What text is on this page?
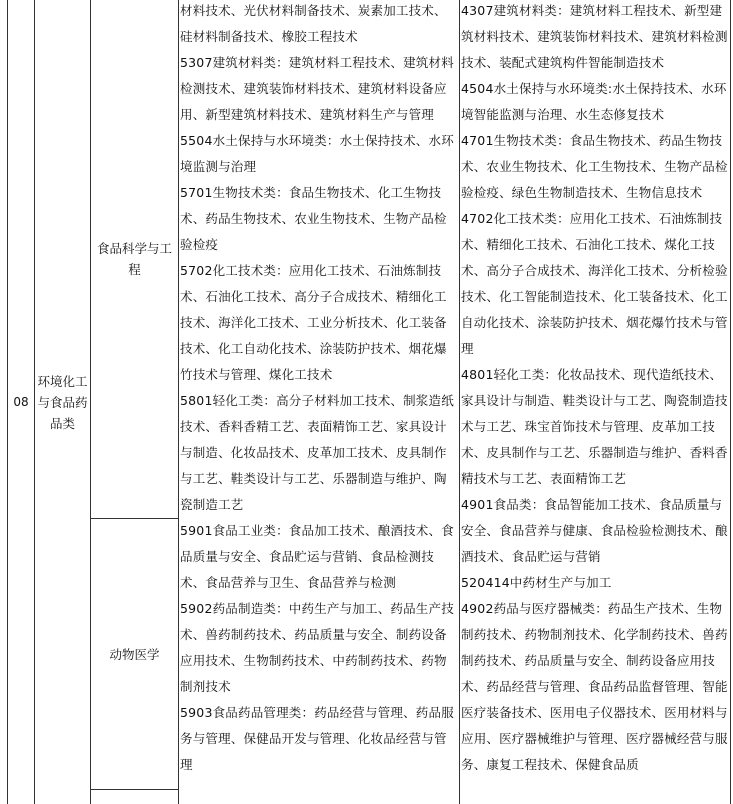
08
环境化工与食品药品类
食品科学与工程
动物医学

材料技术、光伏材料制备技术、炭素加工技术、硅材料制备技术、橡胶工程技术

5307建筑材料类：建筑材料工程技术、建筑材料检测技术、建筑装饰材料技术、建筑材料设备应用、新型建筑材料技术、建筑材料生产与管理

5504水土保持与水环境类：水土保持技术、水环境监测与治理

5701生物技术类：食品生物技术、化工生物技术、药品生物技术、农业生物技术、生物产品检验检疫

5702化工技术类：应用化工技术、石油炼制技术、石油化工技术、高分子合成技术、精细化工技术、海洋化工技术、工业分析技术、化工装备技术、化工自动化技术、涂装防护技术、烟花爆竹技术与管理、煤化工技术

5801轻化工类：高分子材料加工技术、制浆造纸技术、香料香精工艺、表面精饰工艺、家具设计与制造、化妆品技术、皮革加工技术、皮具制作与工艺、鞋类设计与工艺、乐器制造与维护、陶瓷制造工艺

5901食品工业类：食品加工技术、酿酒技术、食品质量与安全、食品贮运与营销、食品检测技术、食品营养与卫生、食品营养与检测

5902药品制造类：中药生产与加工、药品生产技术、兽药制药技术、药品质量与安全、制药设备应用技术、生物制药技术、中药制药技术、药物制剂技术

5903食品药品管理类：药品经营与管理、药品服务与管理、保健品开发与管理、化妆品经营与管理

4307建筑材料类：建筑材料工程技术、新型建筑材料技术、建筑装饰材料技术、建筑材料检测技术、装配式建筑构件智能制造技术

4504水土保持与水环境类:水土保持技术、水环境智能监测与治理、水生态修复技术

4701生物技术类：食品生物技术、药品生物技术、农业生物技术、化工生物技术、生物产品检验检疫、绿色生物制造技术、生物信息技术

4702化工技术类：应用化工技术、石油炼制技术、精细化工技术、石油化工技术、煤化工技术、高分子合成技术、海洋化工技术、分析检验技术、化工智能制造技术、化工装备技术、化工自动化技术、涂装防护技术、烟花爆竹技术与管理

4801轻化工类：化妆品技术、现代造纸技术、家具设计与制造、鞋类设计与工艺、陶瓷制造技术与工艺、珠宝首饰技术与管理、皮革加工技术、皮具制作与工艺、乐器制造与维护、香料香精技术与工艺、表面精饰工艺

4901食品类：食品智能加工技术、食品质量与安全、食品营养与健康、食品检验检测技术、酿酒技术、食品贮运与营销

520414中药材生产与加工

4902药品与医疗器械类：药品生产技术、生物制药技术、药物制剂技术、化学制药技术、兽药制药技术、药品质量与安全、制药设备应用技术、药品经营与管理、食品药品监督管理、智能医疗装备技术、医用电子仪器技术、医用材料与应用、医疗器械维护与管理、医疗器械经营与服务、康复工程技术、保健食品质
